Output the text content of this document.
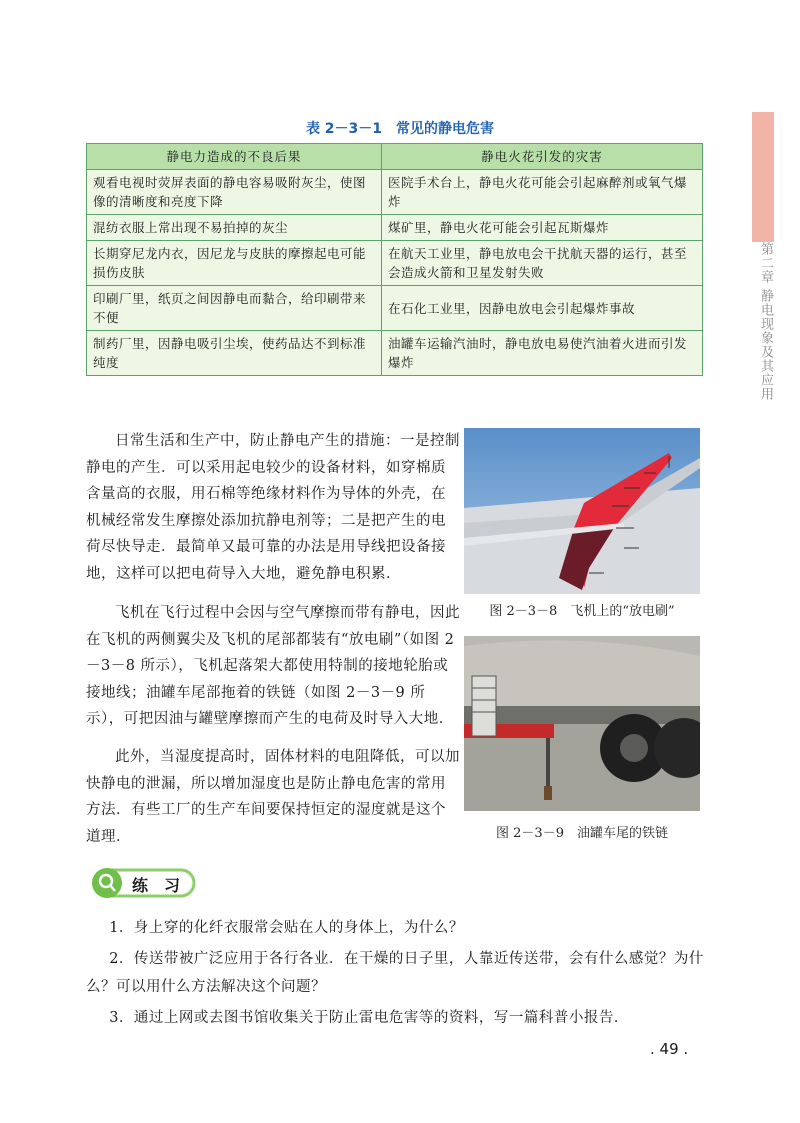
第二章 静电现象及其应用
表 2－3－1　常见的静电危害
静电力造成的不良后果	静电火花引发的灾害
观看电视时荧屏表面的静电容易吸附灰尘，使图像的清晰度和亮度下降	医院手术台上，静电火花可能会引起麻醉剂或氧气爆炸
混纺衣服上常出现不易拍掉的灰尘	煤矿里，静电火花可能会引起瓦斯爆炸
长期穿尼龙内衣，因尼龙与皮肤的摩擦起电可能损伤皮肤	在航天工业里，静电放电会干扰航天器的运行，甚至会造成火箭和卫星发射失败
印刷厂里，纸页之间因静电而黏合，给印刷带来不便	在石化工业里，因静电放电会引起爆炸事故
制药厂里，因静电吸引尘埃，使药品达不到标准纯度	油罐车运输汽油时，静电放电易使汽油着火进而引发爆炸

日常生活和生产中，防止静电产生的措施：一是控制静电的产生．可以采用起电较少的设备材料，如穿棉质含量高的衣服，用石棉等绝缘材料作为导体的外壳，在机械经常发生摩擦处添加抗静电剂等；二是把产生的电荷尽快导走．最简单又最可靠的办法是用导线把设备接地，这样可以把电荷导入大地，避免静电积累．

飞机在飞行过程中会因与空气摩擦而带有静电，因此在飞机的两侧翼尖及飞机的尾部都装有“放电刷”（如图 2－3－8 所示），飞机起落架大都使用特制的接地轮胎或接地线；油罐车尾部拖着的铁链（如图 2－3－9 所示），可把因油与罐壁摩擦而产生的电荷及时导入大地．

此外，当湿度提高时，固体材料的电阻降低，可以加快静电的泄漏，所以增加湿度也是防止静电危害的常用方法．有些工厂的生产车间要保持恒定的湿度就是这个道理．

图 2－3－8　飞机上的“放电刷”
图 2－3－9　油罐车尾的铁链
练　习

1．身上穿的化纤衣服常会贴在人的身体上，为什么？

2．传送带被广泛应用于各行各业．在干燥的日子里，人靠近传送带，会有什么感觉？为什么？可以用什么方法解决这个问题？

3．通过上网或去图书馆收集关于防止雷电危害等的资料，写一篇科普小报告．

. 49 .
